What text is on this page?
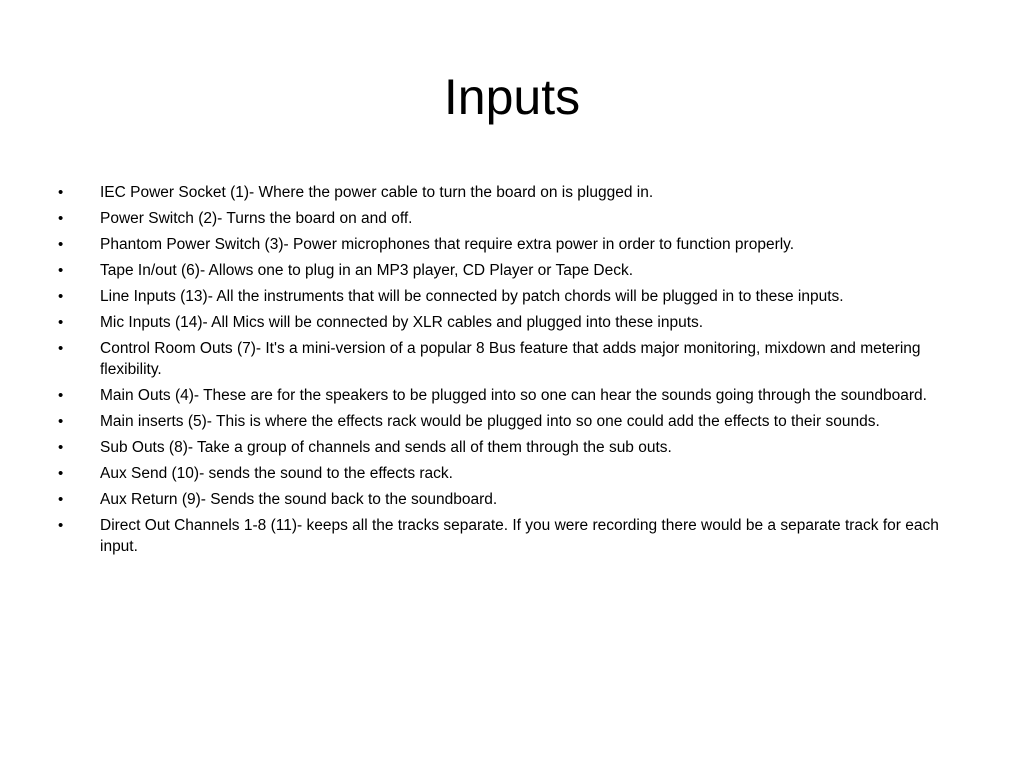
Inputs
•	IEC Power Socket (1)- Where the power cable to turn the board on is plugged in.
•	Power Switch (2)- Turns the board on and off.
•	Phantom Power Switch (3)- Power microphones that require extra power in order to function properly.
•	Tape In/out (6)- Allows one to plug in an MP3 player, CD Player or Tape Deck.
•	Line Inputs (13)- All the instruments that will be connected by patch chords will be plugged in to these inputs.
•	Mic Inputs (14)- All Mics will be connected by XLR cables and plugged into these inputs.
•	Control Room Outs (7)- It's a mini-version of a popular 8 Bus feature that adds major monitoring, mixdown and metering flexibility.
•	Main Outs (4)- These are for the speakers to be plugged into so one can hear the sounds going through the soundboard.
•	Main inserts (5)- This is where the effects rack would be plugged into so one could add the effects to their sounds.
•	Sub Outs (8)- Take a group of channels and sends all of them through the sub outs.
•	Aux Send (10)- sends the sound to the effects rack.
•	Aux Return (9)- Sends the sound back to the soundboard.
•	Direct Out Channels 1-8 (11)- keeps all the tracks separate. If you were recording there would be a separate track for each input.
